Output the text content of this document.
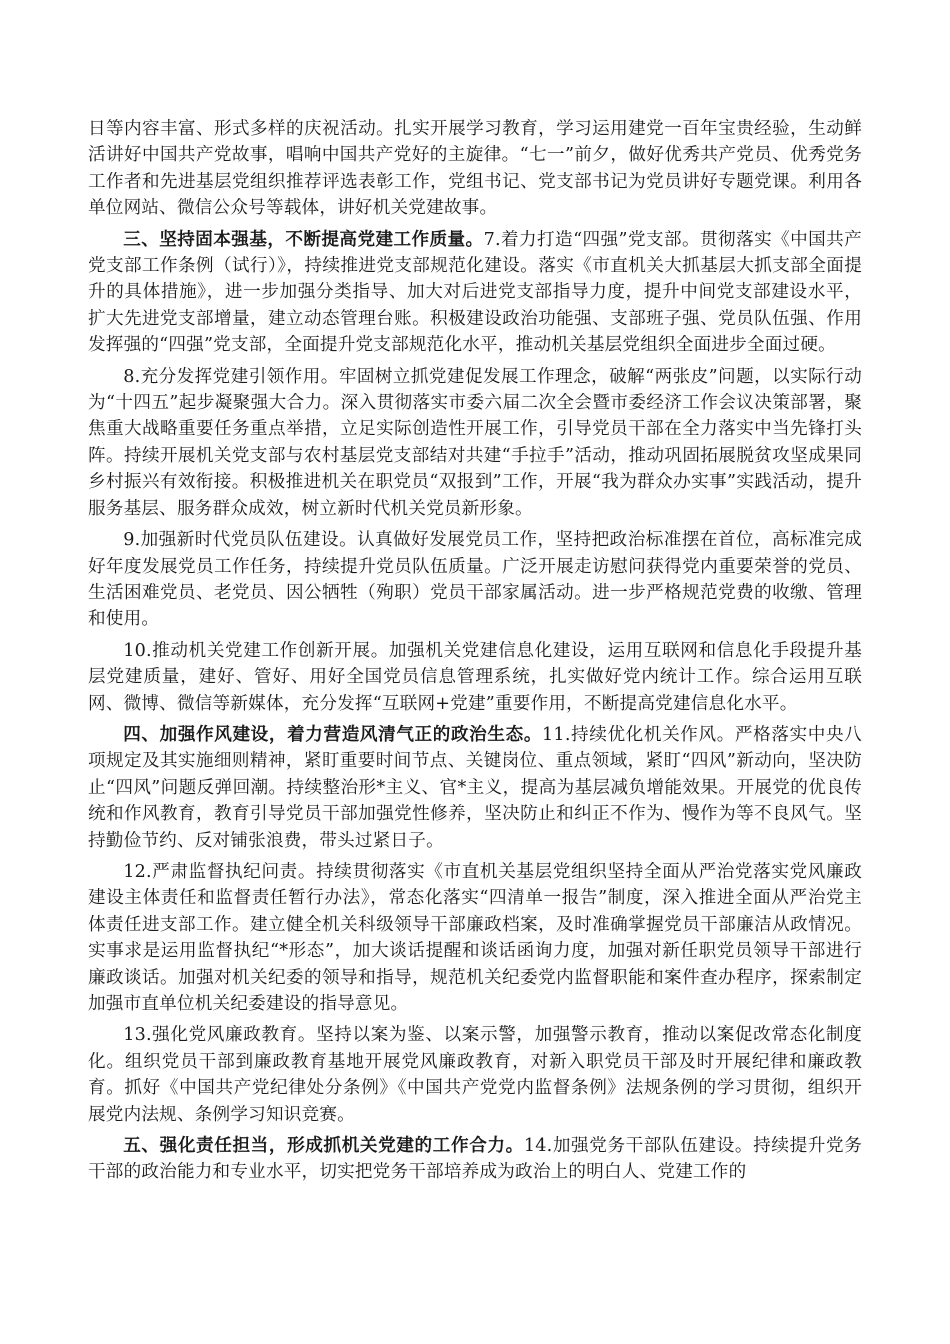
日等内容丰富、形式多样的庆祝活动。扎实开展学习教育，学习运用建党一百年宝贵经验，生动鲜活讲好中国共产党故事，唱响中国共产党好的主旋律。“七一”前夕，做好优秀共产党员、优秀党务工作者和先进基层党组织推荐评选表彰工作，党组书记、党支部书记为党员讲好专题党课。利用各单位网站、微信公众号等载体，讲好机关党建故事。

三、坚持固本强基，不断提高党建工作质量。7.着力打造“四强”党支部。贯彻落实《中国共产党支部工作条例（试行）》，持续推进党支部规范化建设。落实《市直机关大抓基层大抓支部全面提升的具体措施》，进一步加强分类指导、加大对后进党支部指导力度，提升中间党支部建设水平，扩大先进党支部增量，建立动态管理台账。积极建设政治功能强、支部班子强、党员队伍强、作用发挥强的“四强”党支部，全面提升党支部规范化水平，推动机关基层党组织全面进步全面过硬。

8.充分发挥党建引领作用。牢固树立抓党建促发展工作理念，破解“两张皮”问题，以实际行动为“十四五”起步凝聚强大合力。深入贯彻落实市委六届二次全会暨市委经济工作会议决策部署，聚焦重大战略重要任务重点举措，立足实际创造性开展工作，引导党员干部在全力落实中当先锋打头阵。持续开展机关党支部与农村基层党支部结对共建“手拉手”活动，推动巩固拓展脱贫攻坚成果同乡村振兴有效衔接。积极推进机关在职党员“双报到”工作，开展“我为群众办实事”实践活动，提升服务基层、服务群众成效，树立新时代机关党员新形象。

9.加强新时代党员队伍建设。认真做好发展党员工作，坚持把政治标准摆在首位，高标准完成好年度发展党员工作任务，持续提升党员队伍质量。广泛开展走访慰问获得党内重要荣誉的党员、生活困难党员、老党员、因公牺牲（殉职）党员干部家属活动。进一步严格规范党费的收缴、管理和使用。

10.推动机关党建工作创新开展。加强机关党建信息化建设，运用互联网和信息化手段提升基层党建质量，建好、管好、用好全国党员信息管理系统，扎实做好党内统计工作。综合运用互联网、微博、微信等新媒体，充分发挥“互联网+党建”重要作用，不断提高党建信息化水平。

四、加强作风建设，着力营造风清气正的政治生态。11.持续优化机关作风。严格落实中央八项规定及其实施细则精神，紧盯重要时间节点、关键岗位、重点领域，紧盯“四风”新动向，坚决防止“四风”问题反弹回潮。持续整治形*主义、官*主义，提高为基层减负增能效果。开展党的优良传统和作风教育，教育引导党员干部加强党性修养，坚决防止和纠正不作为、慢作为等不良风气。坚持勤俭节约、反对铺张浪费，带头过紧日子。

12.严肃监督执纪问责。持续贯彻落实《市直机关基层党组织坚持全面从严治党落实党风廉政建设主体责任和监督责任暂行办法》，常态化落实“四清单一报告”制度，深入推进全面从严治党主体责任进支部工作。建立健全机关科级领导干部廉政档案，及时准确掌握党员干部廉洁从政情况。实事求是运用监督执纪“*形态”，加大谈话提醒和谈话函询力度，加强对新任职党员领导干部进行廉政谈话。加强对机关纪委的领导和指导，规范机关纪委党内监督职能和案件查办程序，探索制定加强市直单位机关纪委建设的指导意见。

13.强化党风廉政教育。坚持以案为鉴、以案示警，加强警示教育，推动以案促改常态化制度化。组织党员干部到廉政教育基地开展党风廉政教育，对新入职党员干部及时开展纪律和廉政教育。抓好《中国共产党纪律处分条例》《中国共产党党内监督条例》法规条例的学习贯彻，组织开展党内法规、条例学习知识竞赛。

五、强化责任担当，形成抓机关党建的工作合力。14.加强党务干部队伍建设。持续提升党务干部的政治能力和专业水平，切实把党务干部培养成为政治上的明白人、党建工作的
